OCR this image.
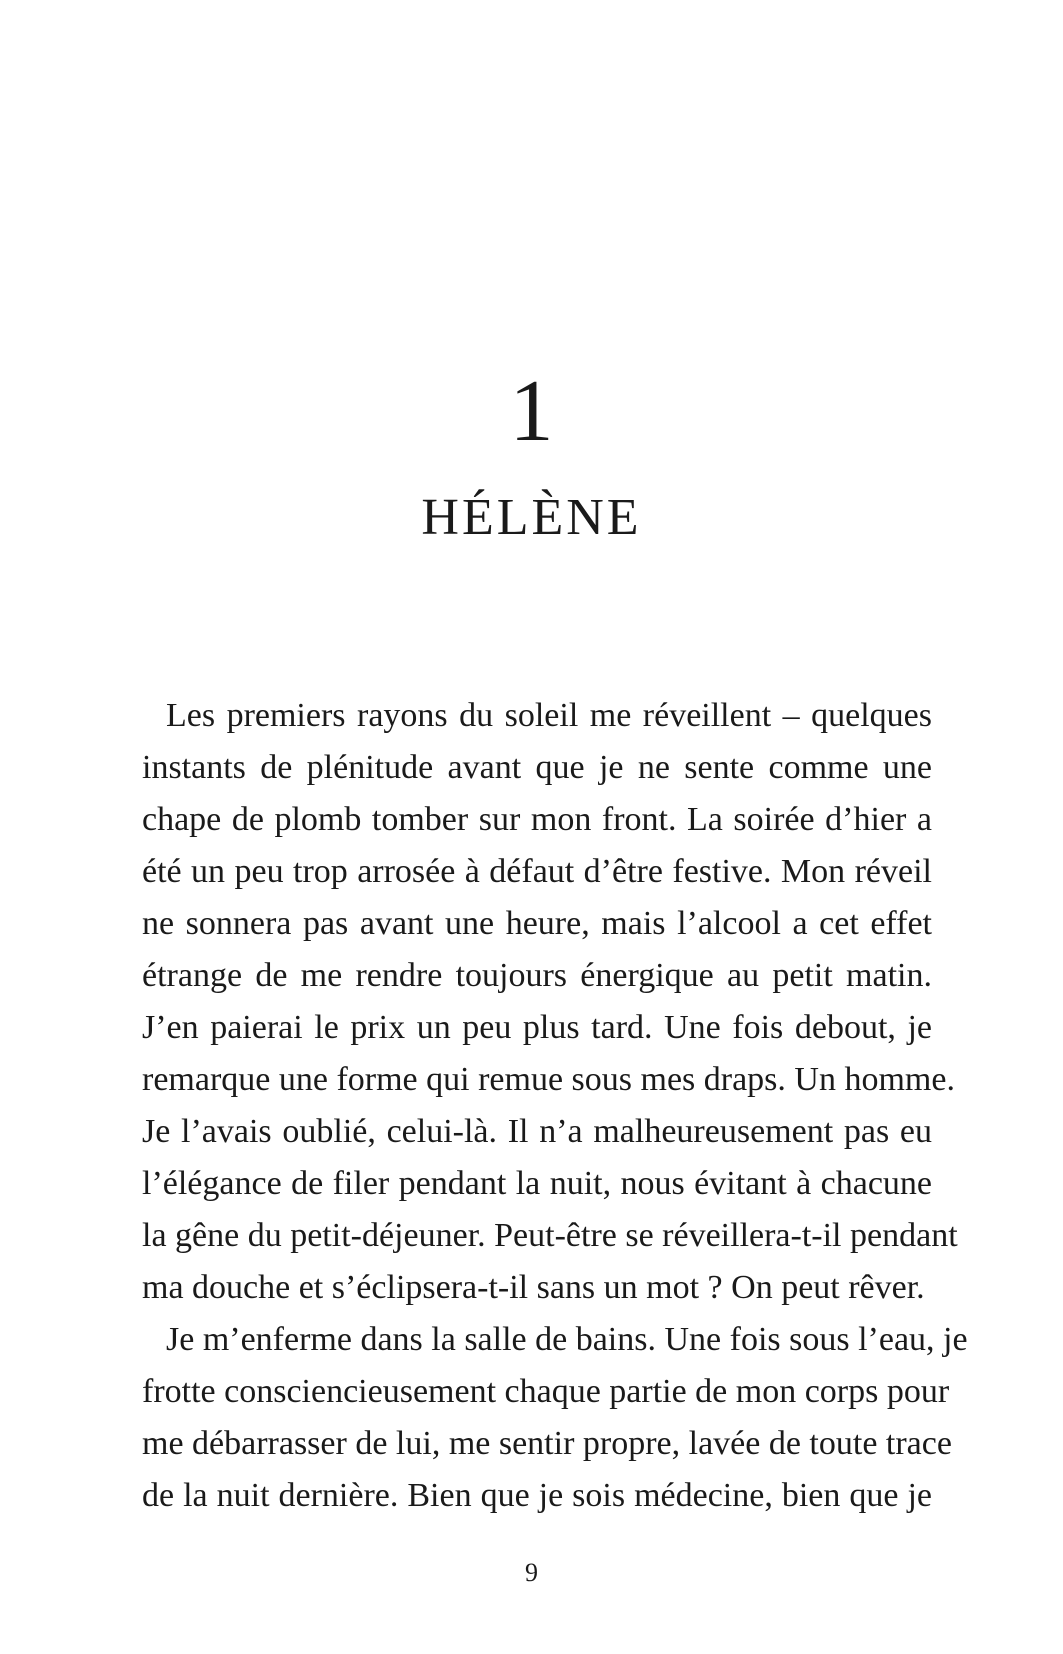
1
HÉLÈNE
Les premiers rayons du soleil me réveillent – quelques
instants de plénitude avant que je ne sente comme une
chape de plomb tomber sur mon front. La soirée d’hier a
été un peu trop arrosée à défaut d’être festive. Mon réveil
ne sonnera pas avant une heure, mais l’alcool a cet effet
étrange de me rendre toujours énergique au petit matin.
J’en paierai le prix un peu plus tard. Une fois debout, je
remarque une forme qui remue sous mes draps. Un homme.
Je l’avais oublié, celui-là. Il n’a malheureusement pas eu
l’élégance de filer pendant la nuit, nous évitant à chacune
la gêne du petit-déjeuner. Peut-être se réveillera-t-il pendant
ma douche et s’éclipsera-t-il sans un mot ? On peut rêver.
Je m’enferme dans la salle de bains. Une fois sous l’eau, je
frotte consciencieusement chaque partie de mon corps pour
me débarrasser de lui, me sentir propre, lavée de toute trace
de la nuit dernière. Bien que je sois médecine, bien que je
9
